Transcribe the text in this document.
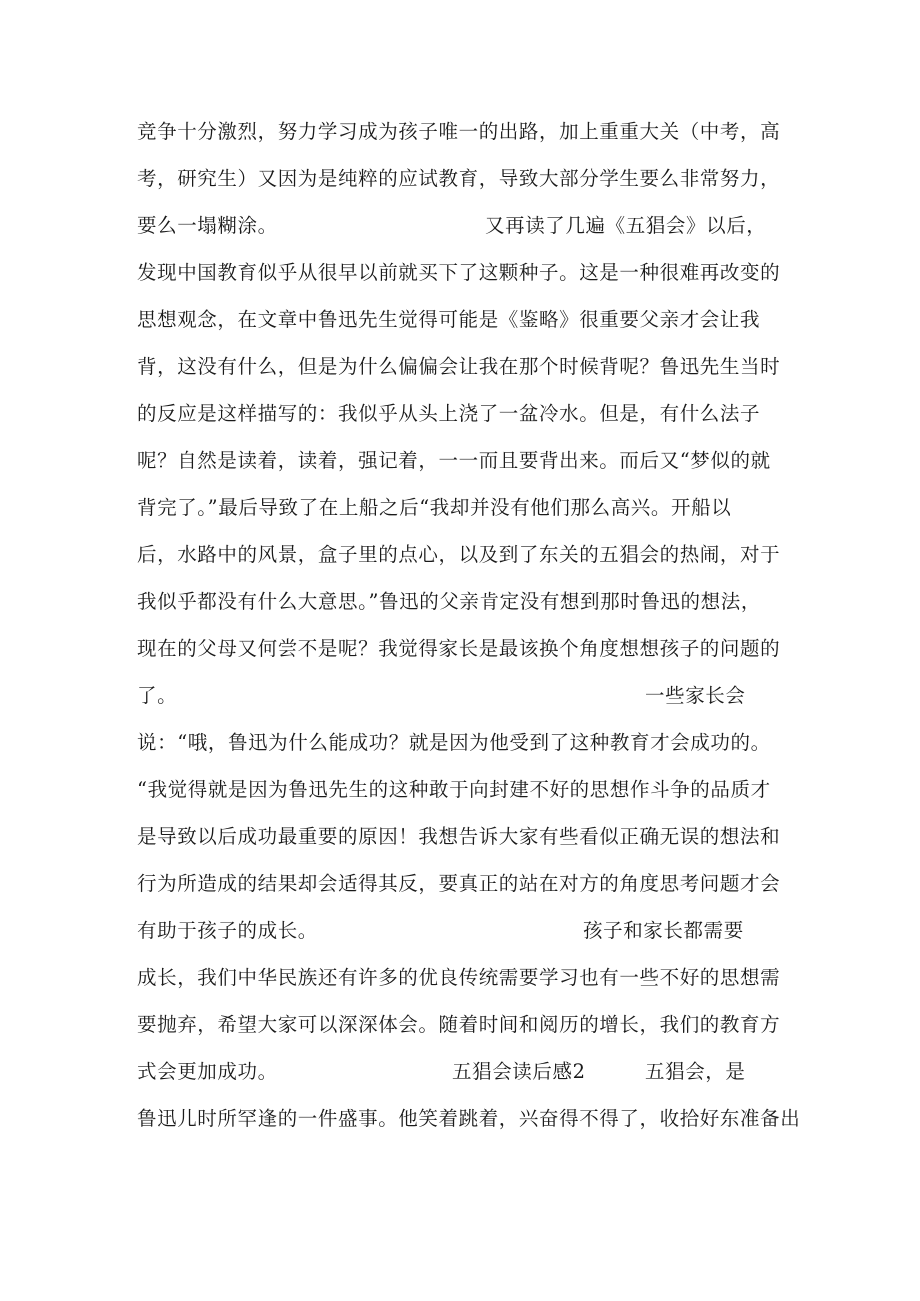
竞争十分激烈，努力学习成为孩子唯一的出路，加上重重大关（中考，高
考，研究生）又因为是纯粹的应试教育，导致大部分学生要么非常努力，
要么一塌糊涂。	又再读了几遍《五猖会》以后，
发现中国教育似乎从很早以前就买下了这颗种子。这是一种很难再改变的
思想观念，在文章中鲁迅先生觉得可能是《鉴略》很重要父亲才会让我
背，这没有什么，但是为什么偏偏会让我在那个时候背呢？鲁迅先生当时
的反应是这样描写的：我似乎从头上浇了一盆冷水。但是，有什么法子
呢？自然是读着，读着，强记着，一一而且要背出来。而后又“梦似的就
背完了。”最后导致了在上船之后“我却并没有他们那么高兴。开船以
后，水路中的风景，盒子里的点心，以及到了东关的五猖会的热闹，对于
我似乎都没有什么大意思。”鲁迅的父亲肯定没有想到那时鲁迅的想法，
现在的父母又何尝不是呢？我觉得家长是最该换个角度想想孩子的问题的
了。	一些家长会
说：“哦，鲁迅为什么能成功？就是因为他受到了这种教育才会成功的。
“我觉得就是因为鲁迅先生的这种敢于向封建不好的思想作斗争的品质才
是导致以后成功最重要的原因！我想告诉大家有些看似正确无误的想法和
行为所造成的结果却会适得其反，要真正的站在对方的角度思考问题才会
有助于孩子的成长。	孩子和家长都需要
成长，我们中华民族还有许多的优良传统需要学习也有一些不好的思想需
要抛弃，希望大家可以深深体会。随着时间和阅历的增长，我们的教育方
式会更加成功。	五猖会读后感2	五猖会，是
鲁迅儿时所罕逢的一件盛事。他笑着跳着，兴奋得不得了，收拾好东准备出
